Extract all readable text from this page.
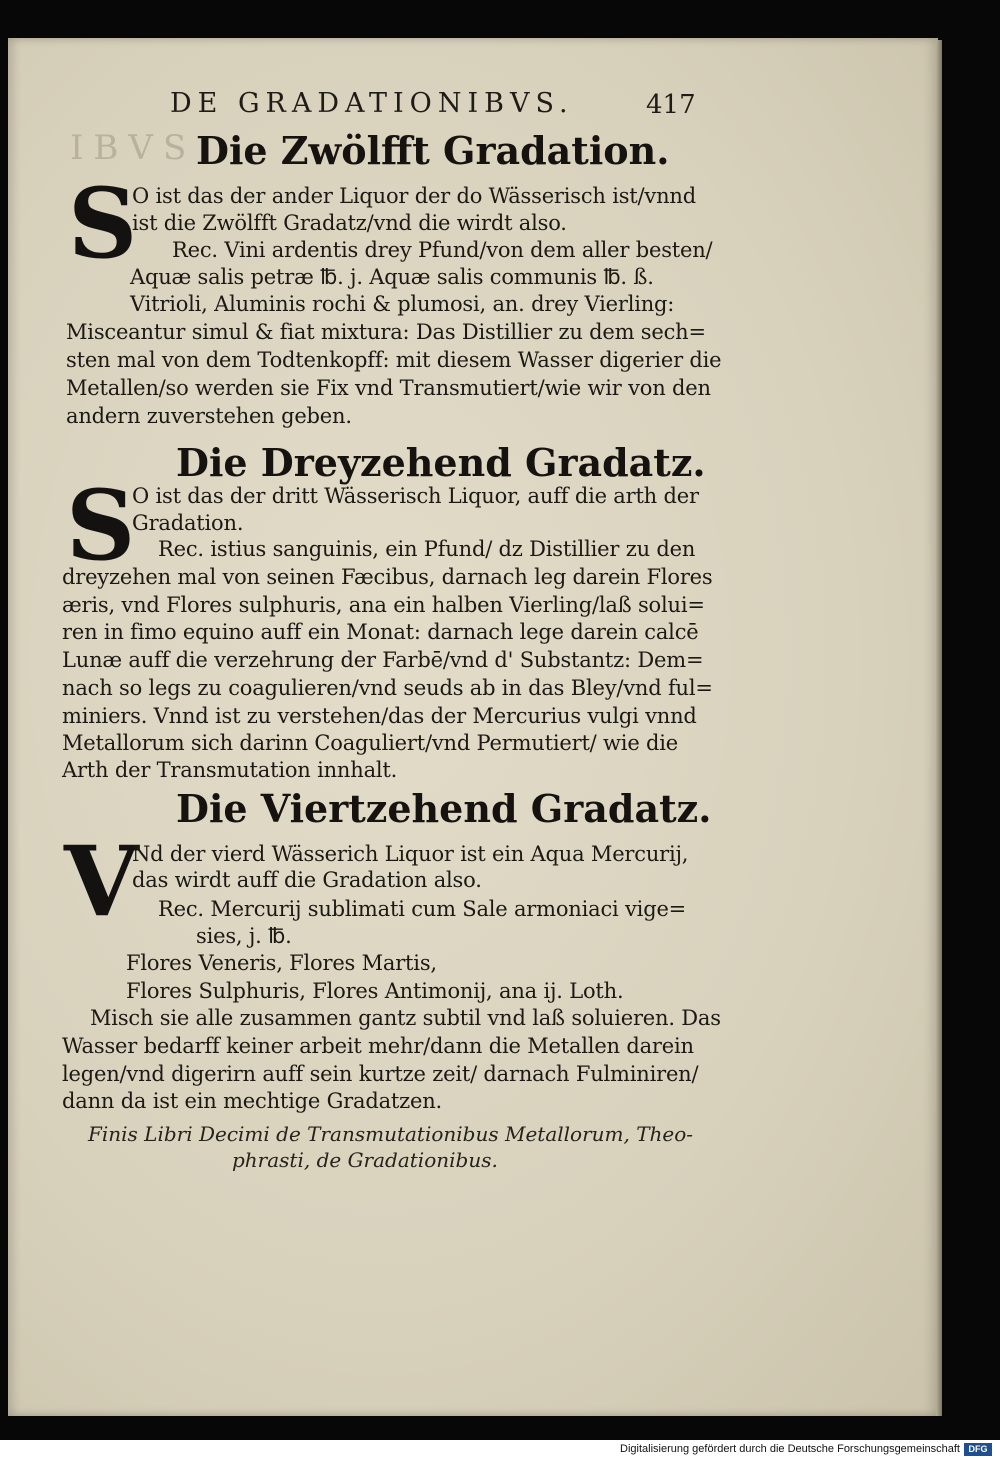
IBVS
DE GRADATIONIBVS.	417
Die Zwölfft Gradation.
S
O ist das der ander Liquor der do Wässerisch ist/vnnd
ist die Zwölfft Gradatz/vnd die wirdt also.
Rec. Vini ardentis drey Pfund/von dem aller besten/
Aquæ salis petræ ℔. j. Aquæ salis communis ℔. ß.
Vitrioli, Aluminis rochi & plumosi, an. drey Vierling:
Misceantur simul & fiat mixtura: Das Distillier zu dem sech=
sten mal von dem Todtenkopff: mit diesem Wasser digerier die
Metallen/so werden sie Fix vnd Transmutiert/wie wir von den
andern zuverstehen geben.
Die Dreyzehend Gradatz.
S
O ist das der dritt Wässerisch Liquor, auff die arth der
Gradation.
Rec. istius sanguinis, ein Pfund/ dz Distillier zu den
dreyzehen mal von seinen Fæcibus, darnach leg darein Flores
æris, vnd Flores sulphuris, ana ein halben Vierling/laß solui=
ren in fimo equino auff ein Monat: darnach lege darein calcē
Lunæ auff die verzehrung der Farbē/vnd d' Substantz: Dem=
nach so legs zu coagulieren/vnd seuds ab in das Bley/vnd ful=
miniers. Vnnd ist zu verstehen/das der Mercurius vulgi vnnd
Metallorum sich darinn Coaguliert/vnd Permutiert/ wie die
Arth der Transmutation innhalt.
Die Viertzehend Gradatz.
V
Nd der vierd Wässerich Liquor ist ein Aqua Mercurij,
das wirdt auff die Gradation also.
Rec. Mercurij sublimati cum Sale armoniaci vige=
sies, j. ℔.
Flores Veneris, Flores Martis,
Flores Sulphuris, Flores Antimonij, ana ij. Loth.
Misch sie alle zusammen gantz subtil vnd laß soluieren. Das
Wasser bedarff keiner arbeit mehr/dann die Metallen darein
legen/vnd digerirn auff sein kurtze zeit/ darnach Fulminiren/
dann da ist ein mechtige Gradatzen.
Finis Libri Decimi de Transmutationibus Metallorum, Theo-
phrasti, de Gradationibus.
Digitalisierung gefördert durch die Deutsche Forschungsgemeinschaft DFG
